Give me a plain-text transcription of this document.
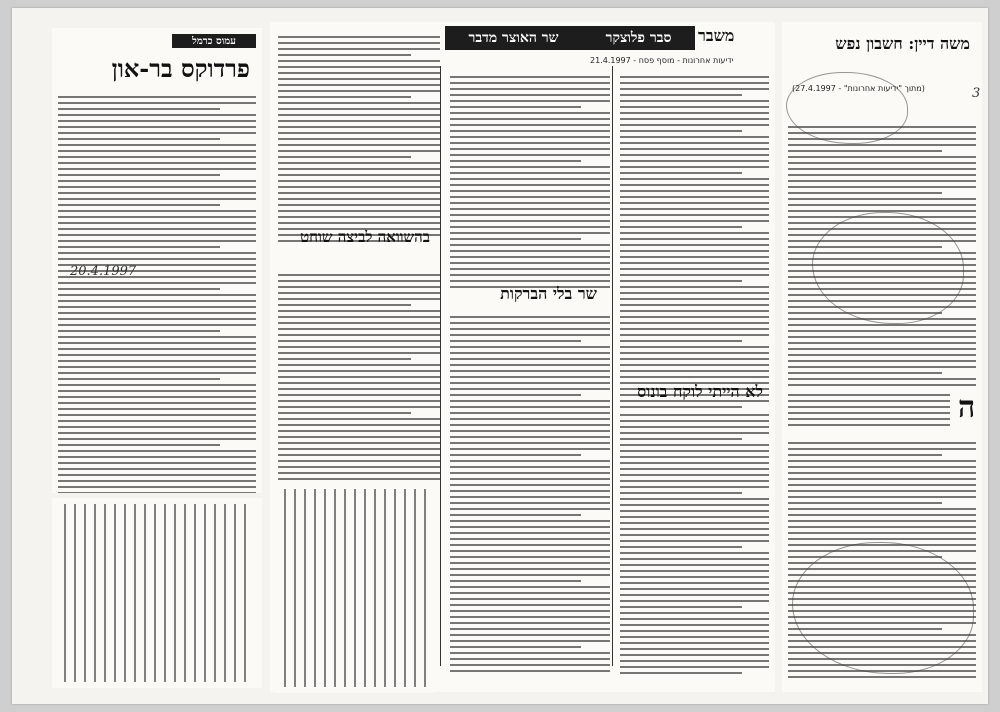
עמוס כרמל
פרדוקס בר-און
20.4.1997
סבר פלוצקר
שר האוצר מדבר	משבר
ידיעות אחרונות - מוסף פסח - 21.4.1997
לא הייתי לוקח בונוס
שר בלי הברקות
בהשוואה לביצה שוחט
משה דיין: חשבון נפש
(מתוך "ידיעות אחרונות" - 27.4.1997)	3
ה
